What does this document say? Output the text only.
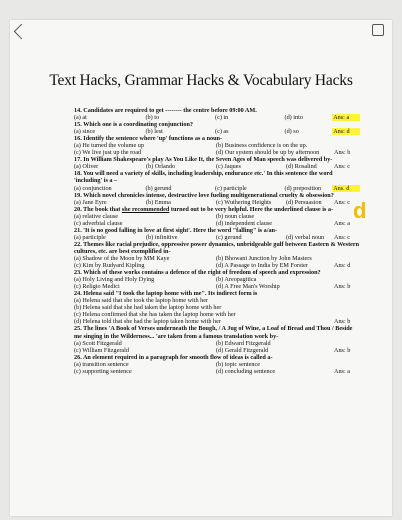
Text Hacks, Grammar Hacks & Vocabulary Hacks
d
14. Candidates are required to get -------- the centre before 09:00 AM.
(a) at	(b) to	(c) in	(d) into	Ans: a
15. Which one is a coordinating conjunction?
(a) since	(b) lest	(c) as	(d) so	Ans: d
16. Identify the sentence where 'up' functions as a noun-
(a) He turned the volume up	(b) Business confidence is on the up.
(c) We live just up the road	(d) Our system should be up by afternoon	Ans: b
17. In William Shakespeare's play As You Like It, the Seven Ages of Man speech was delivered by-
(a) Oliver	(b) Orlando	(c) Jaques	(d) Rosalind	Ans: c
18. You will need a variety of skills, including leadership, endurance etc.' In this sentence the word 'including' is a –
(a) conjunction	(b) gerund	(c) participle	(d) preposition	Ans. d
19. Which novel chronicles intense, destructive love fueling multigenerational cruelty & obsession?
(a) Jane Eyre	(b) Emma	(c) Wuthering Heights	(d) Persuasion	Ans: c
20. The book that she recommended turned out to be very helpful. Here the underlined clause is a-
(a) relative clause	(b) noun clause
(c) adverbial clause	(d) independent clause	Ans: a
21. 'It is no good falling in love at first sight'. Here the word "falling" is a/an-
(a) participle	(b) infinitive	(c) gerund	(d) verbal noun	Ans: c
22. Themes like racial prejudice, oppressive power dynamics, unbridgeable gulf between Eastern & Western cultures, etc. are best exemplified in-
(a) Shadow of the Moon by MM Kaye	(b) Bhowani Junction by John Masters
(c) Kim by Rudyard Kipling	(d) A Passage to India by EM Forster	Ans: d
23. Which of these works contains a defence of the right of freedom of speech and expression?
(a) Holy Living and Holy Dying	(b) Areopagitica
(c) Religio Medici	(d) A Free Man's Worship	Ans: b
24. Helena said "I took the laptop home with me". Its indirect form is
(a) Helena said that she took the laptop home with her
(b) Helena said that she had taken the laptop home with her
(c) Helena confirmed that she has taken the laptop home with her
(d) Helena told that she had the laptop taken home with her	Ans: b
25. The lines 'A Book of Verses underneath the Bough, / A Jug of Wine, a Loaf of Bread and Thou / Beside me singing in the Wilderness... 'are taken from a famous translation work by-
(a) Scott Fitzgerald	(b) Edward Fitzgerald
(c) William Fitzgerald	(d) Gerald Fitzgerald	Ans: b
26. An element required in a paragraph for smooth flow of ideas is called a-
(a) transition sentence	(b) topic sentence
(c) supporting sentence	(d) concluding sentence	Ans: a
